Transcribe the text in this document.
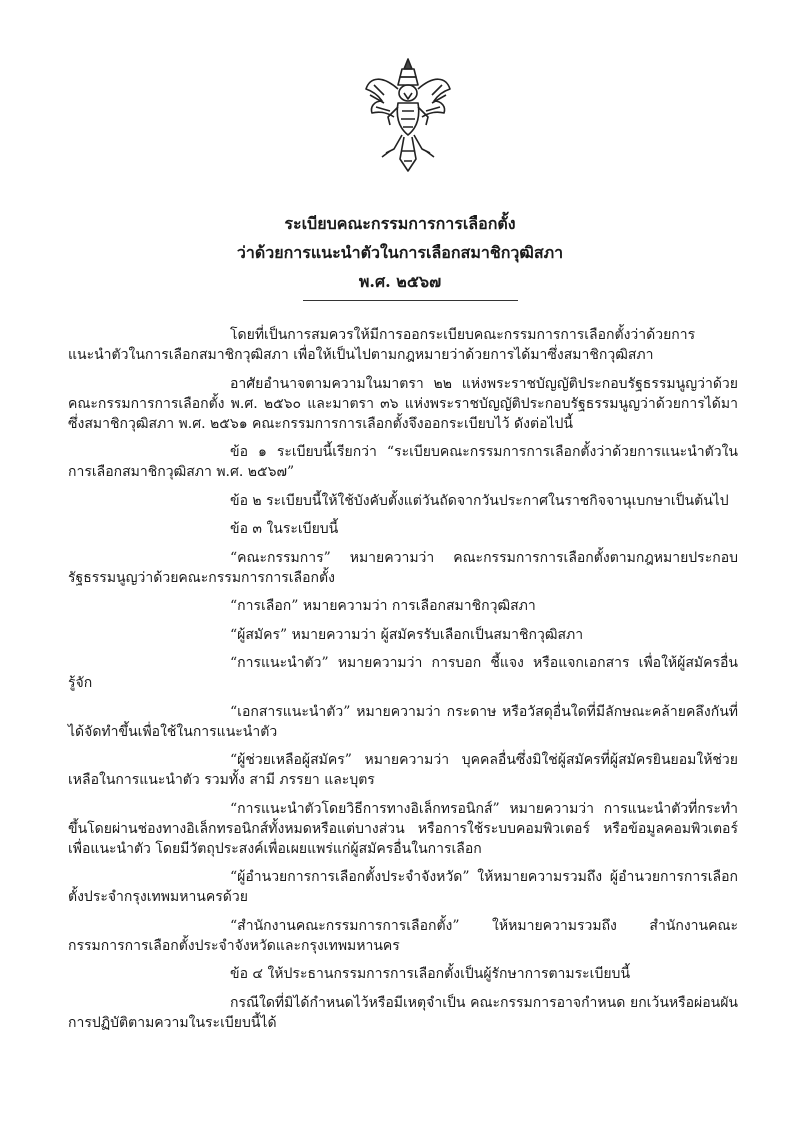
ระเบียบคณะกรรมการการเลือกตั้ง
ว่าด้วยการแนะนำตัวในการเลือกสมาชิกวุฒิสภา
พ.ศ. ๒๕๖๗

โดยที่เป็นการสมควรให้มีการออกระเบียบคณะกรรมการการเลือกตั้งว่าด้วยการแนะนำตัวในการเลือกสมาชิกวุฒิสภา เพื่อให้เป็นไปตามกฎหมายว่าด้วยการได้มาซึ่งสมาชิกวุฒิสภา

อาศัยอำนาจตามความในมาตรา ๒๒ แห่งพระราชบัญญัติประกอบรัฐธรรมนูญว่าด้วยคณะกรรมการการเลือกตั้ง พ.ศ. ๒๕๖๐ และมาตรา ๓๖ แห่งพระราชบัญญัติประกอบรัฐธรรมนูญว่าด้วยการได้มาซึ่งสมาชิกวุฒิสภา พ.ศ. ๒๕๖๑ คณะกรรมการการเลือกตั้งจึงออกระเบียบไว้ ดังต่อไปนี้

ข้อ ๑ ระเบียบนี้เรียกว่า “ระเบียบคณะกรรมการการเลือกตั้งว่าด้วยการแนะนำตัวในการเลือกสมาชิกวุฒิสภา พ.ศ. ๒๕๖๗”

ข้อ ๒ ระเบียบนี้ให้ใช้บังคับตั้งแต่วันถัดจากวันประกาศในราชกิจจานุเบกษาเป็นต้นไป

ข้อ ๓ ในระเบียบนี้

“คณะกรรมการ” หมายความว่า คณะกรรมการการเลือกตั้งตามกฎหมายประกอบรัฐธรรมนูญว่าด้วยคณะกรรมการการเลือกตั้ง

“การเลือก” หมายความว่า การเลือกสมาชิกวุฒิสภา

“ผู้สมัคร” หมายความว่า ผู้สมัครรับเลือกเป็นสมาชิกวุฒิสภา

“การแนะนำตัว” หมายความว่า การบอก ชี้แจง หรือแจกเอกสาร เพื่อให้ผู้สมัครอื่นรู้จัก

“เอกสารแนะนำตัว” หมายความว่า กระดาษ หรือวัสดุอื่นใดที่มีลักษณะคล้ายคลึงกันที่ได้จัดทำขึ้นเพื่อใช้ในการแนะนำตัว

“ผู้ช่วยเหลือผู้สมัคร” หมายความว่า บุคคลอื่นซึ่งมิใช่ผู้สมัครที่ผู้สมัครยินยอมให้ช่วยเหลือในการแนะนำตัว รวมทั้ง สามี ภรรยา และบุตร

“การแนะนำตัวโดยวิธีการทางอิเล็กทรอนิกส์” หมายความว่า การแนะนำตัวที่กระทำขึ้นโดยผ่านช่องทางอิเล็กทรอนิกส์ทั้งหมดหรือแต่บางส่วน หรือการใช้ระบบคอมพิวเตอร์ หรือข้อมูลคอมพิวเตอร์เพื่อแนะนำตัว โดยมีวัตถุประสงค์เพื่อเผยแพร่แก่ผู้สมัครอื่นในการเลือก

“ผู้อำนวยการการเลือกตั้งประจำจังหวัด” ให้หมายความรวมถึง ผู้อำนวยการการเลือกตั้งประจำกรุงเทพมหานครด้วย

“สำนักงานคณะกรรมการการเลือกตั้ง” ให้หมายความรวมถึง สำนักงานคณะกรรมการการเลือกตั้งประจำจังหวัดและกรุงเทพมหานคร

ข้อ ๔ ให้ประธานกรรมการการเลือกตั้งเป็นผู้รักษาการตามระเบียบนี้

กรณีใดที่มิได้กำหนดไว้หรือมีเหตุจำเป็น คณะกรรมการอาจกำหนด ยกเว้นหรือผ่อนผันการปฏิบัติตามความในระเบียบนี้ได้
